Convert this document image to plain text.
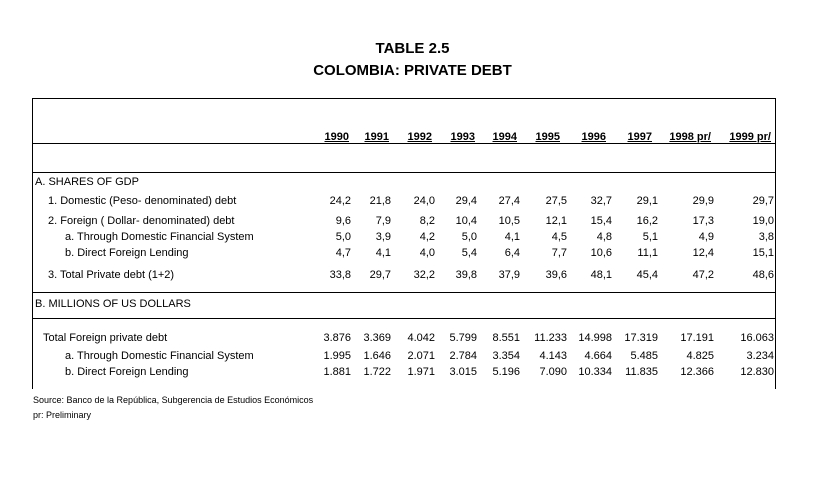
TABLE 2.5
COLOMBIA: PRIVATE DEBT
1990 1991 1992 1993 1994 1995 1996 1997 1998 pr/ 1999 pr/
A. SHARES OF GDP
1. Domestic (Peso- denominated) debt	24,2 21,8 24,0 29,4 27,4 27,5 32,7 29,1	29,9	29,7
2. Foreign ( Dollar- denominated) debt	9,6 7,9	8,2 10,4 10,5 12,1 15,4 16,2	17,3	19,0
a. Through Domestic Financial System	5,0 3,9	4,2 5,0	4,1	4,5	4,8	5,1	4,9	3,8
b. Direct Foreign Lending	4,7 4,1	4,0 5,4	6,4	7,7 10,6 11,1	12,4	15,1
3. Total Private debt (1+2)	33,8 29,7 32,2 39,8 37,9 39,6 48,1 45,4	47,2	48,6
B. MILLIONS OF US DOLLARS
Total Foreign private debt	3.876 3.369 4.042 5.799 8.551 11.233 14.998 17.319 17.191 16.063
a. Through Domestic Financial System	1.995 1.646 2.071 2.784 3.354 4.143 4.664 5.485	4.825	3.234
b. Direct Foreign Lending	1.881 1.722 1.971 3.015 5.196 7.090 10.334 11.835 12.366 12.830
Source: Banco de la República, Subgerencia de Estudios Económicos
pr: Preliminary
